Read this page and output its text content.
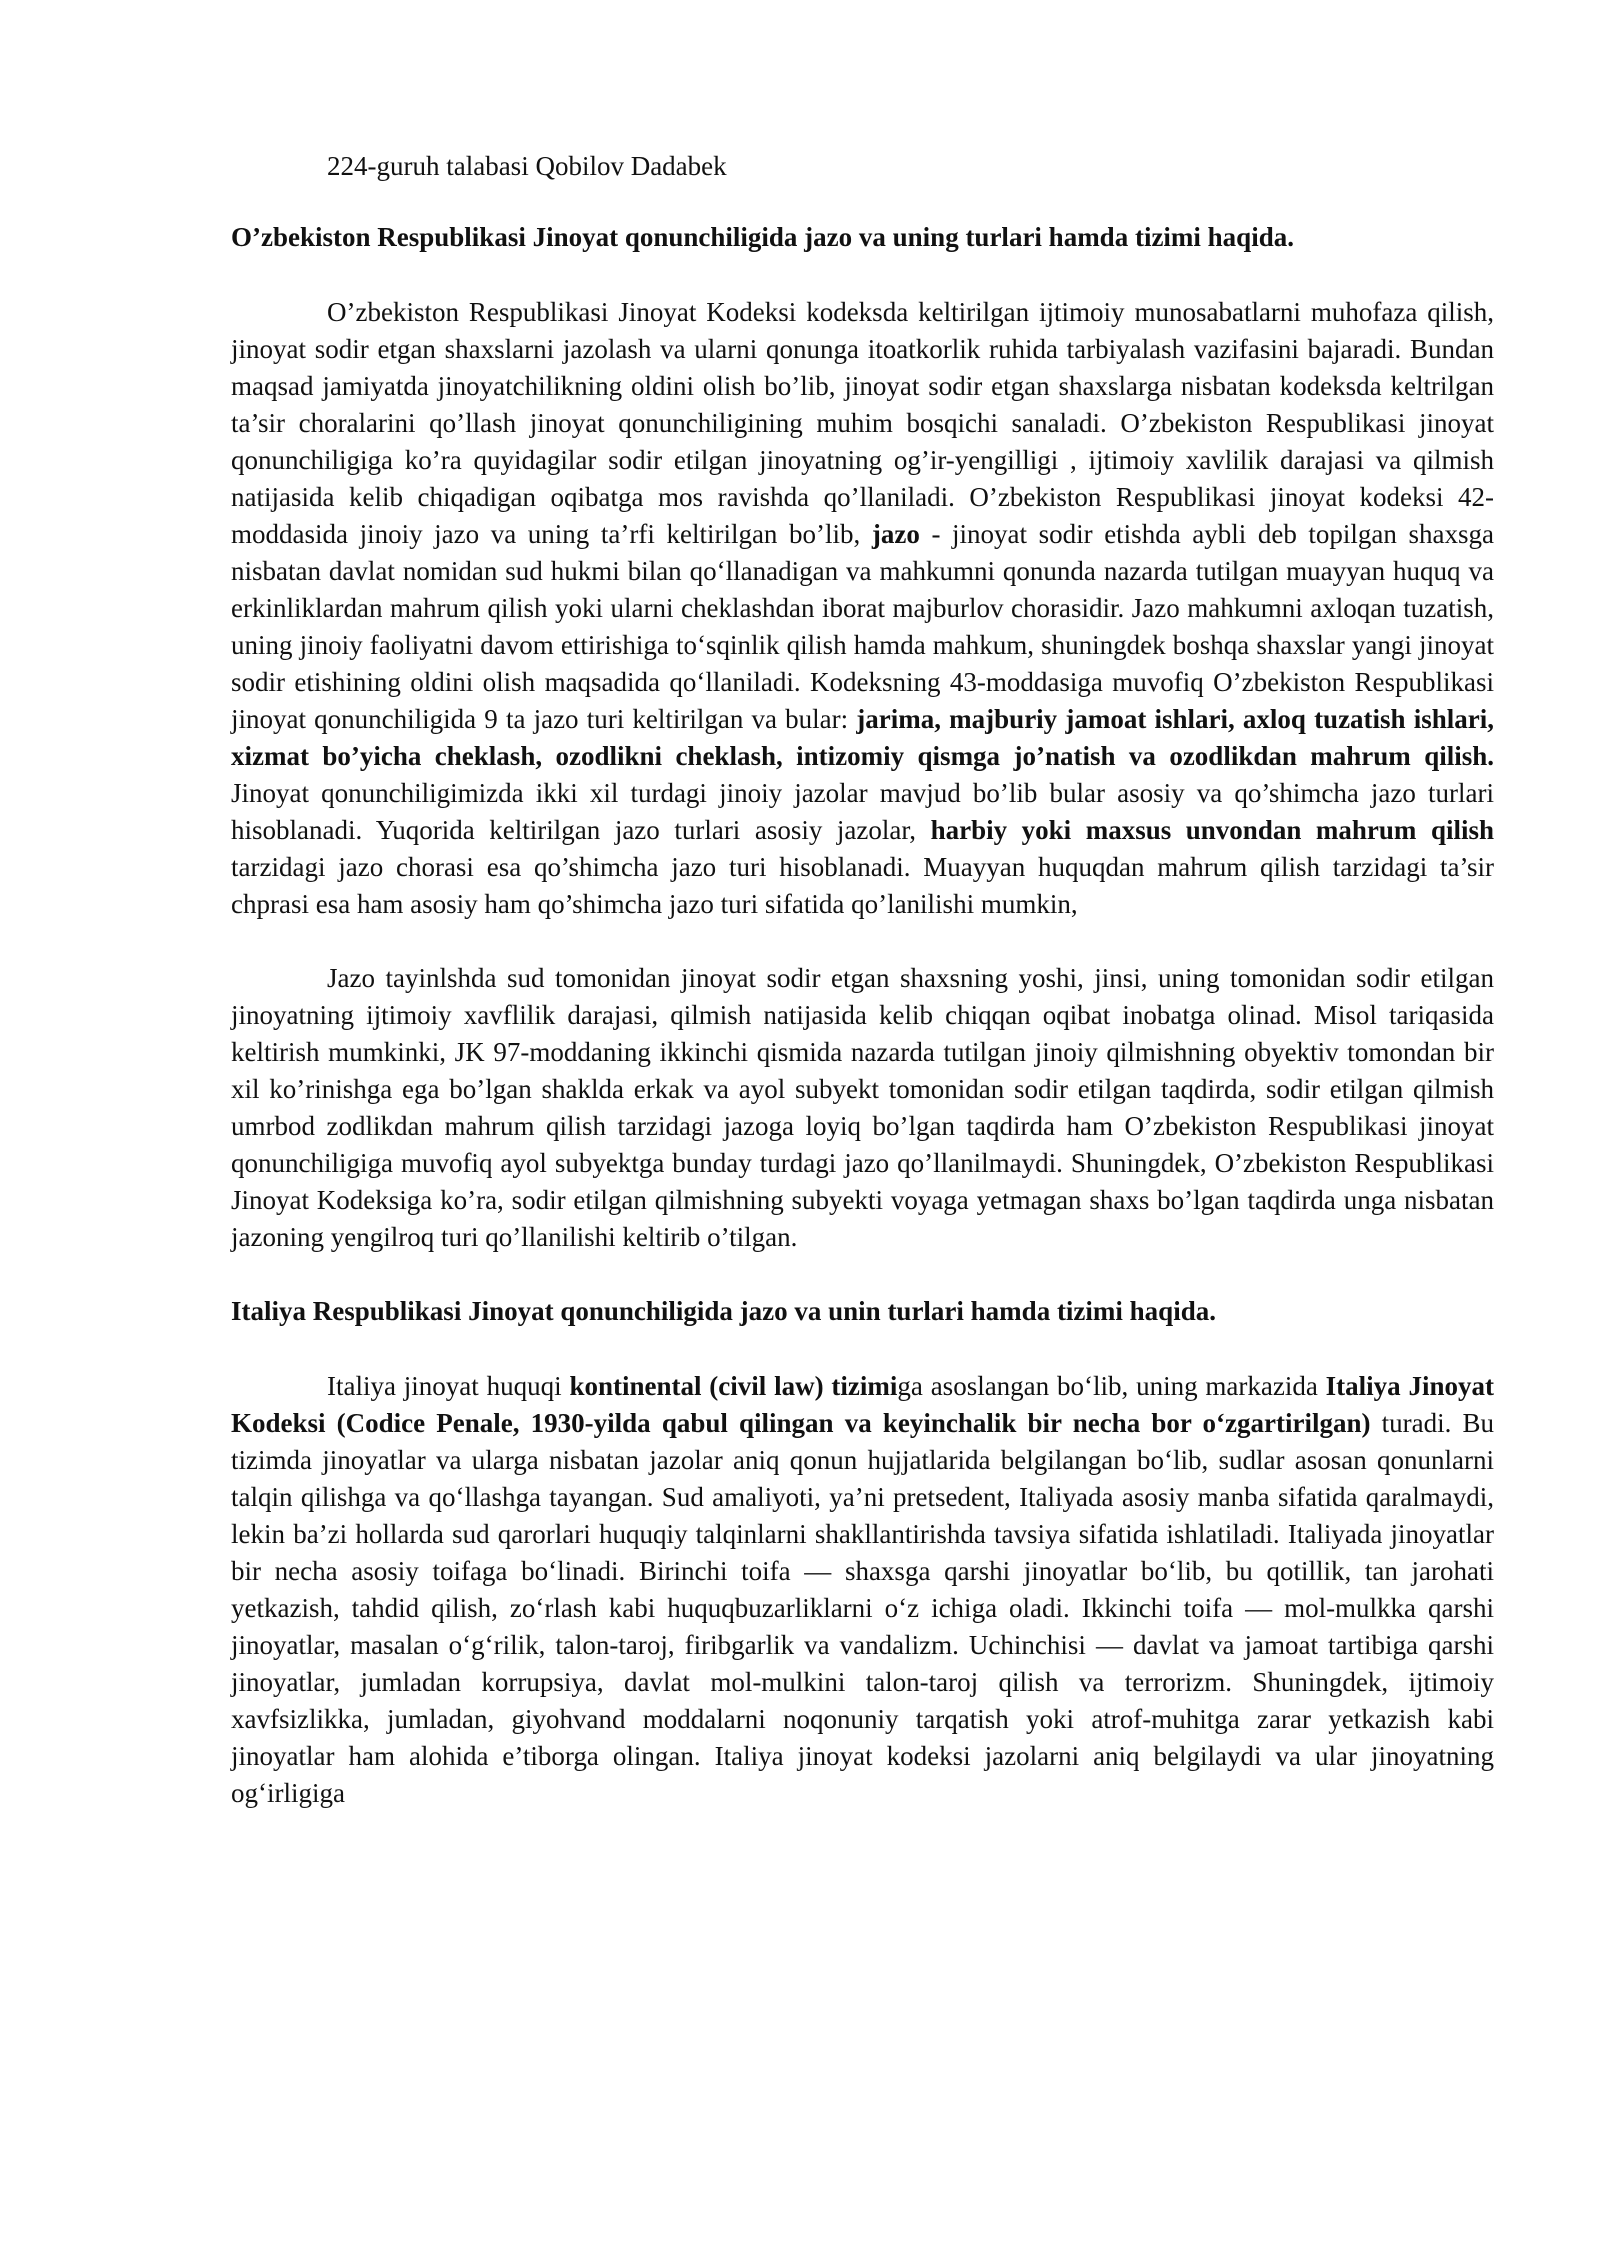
224-guruh talabasi Qobilov Dadabek

O’zbekiston Respublikasi Jinoyat qonunchiligida jazo va uning turlari hamda tizimi haqida.

O’zbekiston Respublikasi Jinoyat Kodeksi kodeksda keltirilgan ijtimoiy munosabatlarni muhofaza qilish, jinoyat sodir etgan shaxslarni jazolash va ularni qonunga itoatkorlik ruhida tarbiyalash vazifasini bajaradi. Bundan maqsad jamiyatda jinoyatchilikning oldini olish bo’lib, jinoyat sodir etgan shaxslarga nisbatan kodeksda keltrilgan ta’sir choralarini qo’llash jinoyat qonunchiligining muhim bosqichi sanaladi. O’zbekiston Respublikasi jinoyat qonunchiligiga ko’ra quyidagilar sodir etilgan jinoyatning og’ir-yengilligi , ijtimoiy xavlilik darajasi va qilmish natijasida kelib chiqadigan oqibatga mos ravishda qo’llaniladi. O’zbekiston Respublikasi jinoyat kodeksi 42-moddasida jinoiy jazo va uning ta’rfi keltirilgan bo’lib, jazo - jinoyat sodir etishda aybli deb topilgan shaxsga nisbatan davlat nomidan sud hukmi bilan qo‘llanadigan va mahkumni qonunda nazarda tutilgan muayyan huquq va erkinliklardan mahrum qilish yoki ularni cheklashdan iborat majburlov chorasidir. Jazo mahkumni axloqan tuzatish, uning jinoiy faoliyatni davom ettirishiga to‘sqinlik qilish hamda mahkum, shuningdek boshqa shaxslar yangi jinoyat sodir etishining oldini olish maqsadida qo‘llaniladi. Kodeksning 43-moddasiga muvofiq O’zbekiston Respublikasi jinoyat qonunchiligida 9 ta jazo turi keltirilgan va bular: jarima, majburiy jamoat ishlari, axloq tuzatish ishlari, xizmat bo’yicha cheklash, ozodlikni cheklash, intizomiy qismga jo’natish va ozodlikdan mahrum qilish. Jinoyat qonunchiligimizda ikki xil turdagi jinoiy jazolar mavjud bo’lib bular asosiy va qo’shimcha jazo turlari hisoblanadi. Yuqorida keltirilgan jazo turlari asosiy jazolar, harbiy yoki maxsus unvondan mahrum qilish tarzidagi jazo chorasi esa qo’shimcha jazo turi hisoblanadi. Muayyan huquqdan mahrum qilish tarzidagi ta’sir chprasi esa ham asosiy ham qo’shimcha jazo turi sifatida qo’lanilishi mumkin,

Jazo tayinlshda sud tomonidan jinoyat sodir etgan shaxsning yoshi, jinsi, uning tomonidan sodir etilgan jinoyatning ijtimoiy xavflilik darajasi, qilmish natijasida kelib chiqqan oqibat inobatga olinad. Misol tariqasida keltirish mumkinki, JK 97-moddaning ikkinchi qismida nazarda tutilgan jinoiy qilmishning obyektiv tomondan bir xil ko’rinishga ega bo’lgan shaklda erkak va ayol subyekt tomonidan sodir etilgan taqdirda, sodir etilgan qilmish umrbod zodlikdan mahrum qilish tarzidagi jazoga loyiq bo’lgan taqdirda ham O’zbekiston Respublikasi jinoyat qonunchiligiga muvofiq ayol subyektga bunday turdagi jazo qo’llanilmaydi. Shuningdek, O’zbekiston Respublikasi Jinoyat Kodeksiga ko’ra, sodir etilgan qilmishning subyekti voyaga yetmagan shaxs bo’lgan taqdirda unga nisbatan jazoning yengilroq turi qo’llanilishi keltirib o’tilgan.

Italiya Respublikasi Jinoyat qonunchiligida jazo va unin turlari hamda tizimi haqida.

Italiya jinoyat huquqi kontinental (civil law) tizimiga asoslangan bo‘lib, uning markazida Italiya Jinoyat Kodeksi (Codice Penale, 1930-yilda qabul qilingan va keyinchalik bir necha bor o‘zgartirilgan) turadi. Bu tizimda jinoyatlar va ularga nisbatan jazolar aniq qonun hujjatlarida belgilangan bo‘lib, sudlar asosan qonunlarni talqin qilishga va qo‘llashga tayangan. Sud amaliyoti, ya’ni pretsedent, Italiyada asosiy manba sifatida qaralmaydi, lekin ba’zi hollarda sud qarorlari huquqiy talqinlarni shakllantirishda tavsiya sifatida ishlatiladi. Italiyada jinoyatlar bir necha asosiy toifaga bo‘linadi. Birinchi toifa — shaxsga qarshi jinoyatlar bo‘lib, bu qotillik, tan jarohati yetkazish, tahdid qilish, zo‘rlash kabi huquqbuzarliklarni o‘z ichiga oladi. Ikkinchi toifa — mol-mulkka qarshi jinoyatlar, masalan o‘g‘rilik, talon-taroj, firibgarlik va vandalizm. Uchinchisi — davlat va jamoat tartibiga qarshi jinoyatlar, jumladan korrupsiya, davlat mol-mulkini talon-taroj qilish va terrorizm. Shuningdek, ijtimoiy xavfsizlikka, jumladan, giyohvand moddalarni noqonuniy tarqatish yoki atrof-muhitga zarar yetkazish kabi jinoyatlar ham alohida e’tiborga olingan. Italiya jinoyat kodeksi jazolarni aniq belgilaydi va ular jinoyatning og‘irligiga
